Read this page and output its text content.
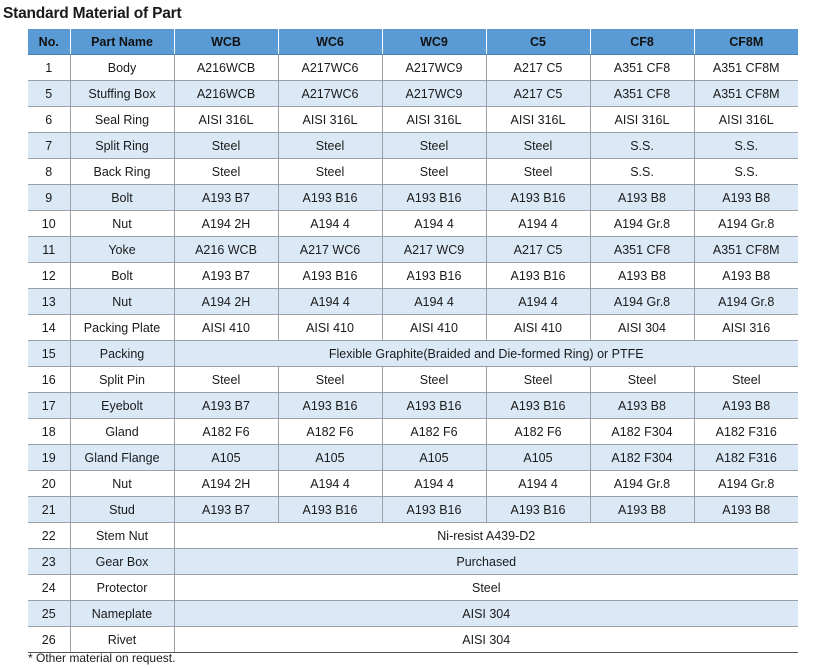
Standard Material of Part
No.	Part Name	WCB	WC6	WC9	C5	CF8	CF8M
1	Body	A216WCB	A217WC6	A217WC9	A217 C5	A351 CF8	A351 CF8M
5	Stuffing Box	A216WCB	A217WC6	A217WC9	A217 C5	A351 CF8	A351 CF8M
6	Seal Ring	AISI 316L	AISI 316L	AISI 316L	AISI 316L	AISI 316L	AISI 316L
7	Split Ring	Steel	Steel	Steel	Steel	S.S.	S.S.
8	Back Ring	Steel	Steel	Steel	Steel	S.S.	S.S.
9	Bolt	A193 B7	A193 B16	A193 B16	A193 B16	A193 B8	A193 B8
10	Nut	A194 2H	A194 4	A194 4	A194 4	A194 Gr.8	A194 Gr.8
11	Yoke	A216 WCB	A217 WC6	A217 WC9	A217 C5	A351 CF8	A351 CF8M
12	Bolt	A193 B7	A193 B16	A193 B16	A193 B16	A193 B8	A193 B8
13	Nut	A194 2H	A194 4	A194 4	A194 4	A194 Gr.8	A194 Gr.8
14	Packing Plate	AISI 410	AISI 410	AISI 410	AISI 410	AISI 304	AISI 316
15	Packing	Flexible Graphite(Braided and Die-formed Ring) or PTFE					
16	Split Pin	Steel	Steel	Steel	Steel	Steel	Steel
17	Eyebolt	A193 B7	A193 B16	A193 B16	A193 B16	A193 B8	A193 B8
18	Gland	A182 F6	A182 F6	A182 F6	A182 F6	A182 F304	A182 F316
19	Gland Flange	A105	A105	A105	A105	A182 F304	A182 F316
20	Nut	A194 2H	A194 4	A194 4	A194 4	A194 Gr.8	A194 Gr.8
21	Stud	A193 B7	A193 B16	A193 B16	A193 B16	A193 B8	A193 B8
22	Stem Nut	Ni-resist A439-D2					
23	Gear Box	Purchased					
24	Protector	Steel					
25	Nameplate	AISI 304					
26	Rivet	AISI 304					
* Other material on request.
